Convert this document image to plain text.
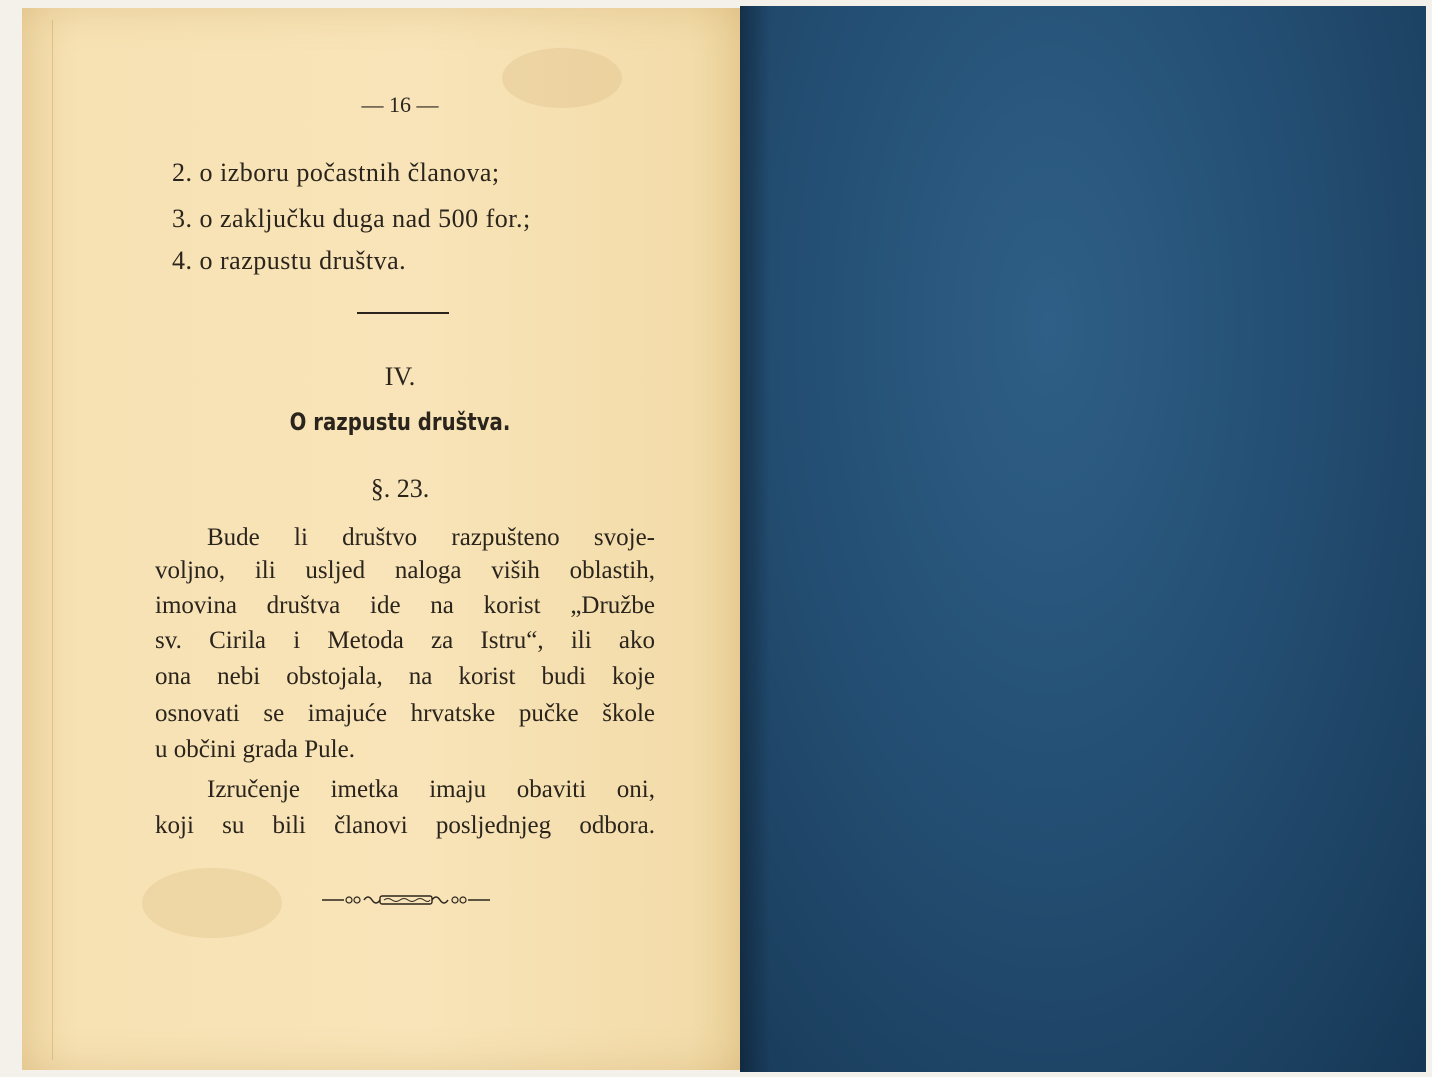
— 16 —
2. o izboru počastnih članova;
3. o zaključku duga nad 500 for.;
4. o razpustu društva.
IV.
O razpustu društva.
§. 23.
Bude li društvo razpušteno svoje-
voljno, ili usljed naloga viših oblastih,
imovina društva ide na korist „Družbe
sv. Cirila i Metoda za Istru“, ili ako
ona nebi obstojala, na korist budi koje
osnovati se imajuće hrvatske pučke škole
u občini grada Pule.
Izručenje imetka imaju obaviti oni,
koji su bili članovi posljednjeg odbora.
